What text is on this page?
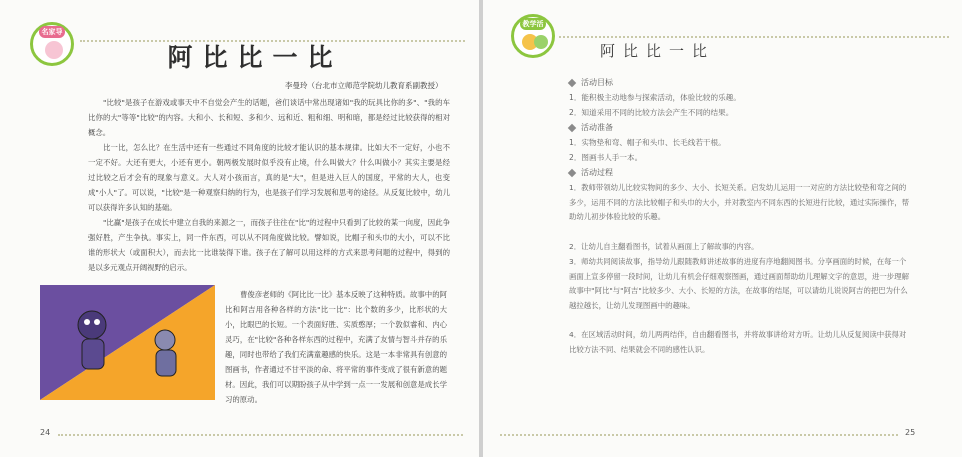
名家导
阿比比一比
李曼玲（台北市立师范学院幼儿教育系副教授）
"比较"是孩子在游戏或事天中不自觉会产生的话题，爸们谈话中常出现诸如"我的玩具比你的多"、"我的车比你的大"等等"比较"的内容。大和小、长和短、多和少、远和近、粗和细、明和暗，都是经过比较获得的相对概念。
比一比，怎么比？在生活中还有一些通过不同角度的比较才能认识的基本规律。比如大不一定好，小也不一定不好。大还有更大，小还有更小。朝两极发展时似乎没有止境，什么叫做大？什么叫做小？其实主要是经过比较之后才会有的现象与意义。大人对小孩而言，真的是"大"，但是进入巨人的国度，平常的大人，也变成"小人"了。可以说，"比较"是一种观察归纳的行为，也是孩子们学习发展和思考的途径。从反复比较中，幼儿可以获得许多认知的基础。
"比赢"是孩子在成长中建立自我的来源之一，而孩子往往在"比"的过程中只看到了比较的某一向度，因此争强好胜，产生争执。事实上，同一件东西，可以从不同角度做比较。譬如说，比帽子和头巾的大小，可以不比谁的形状大（或面积大），而去比一比谁装得下谁。孩子在了解可以用这样的方式来思考问题的过程中，得到的是以多元观点开阔视野的启示。
曹俊彦老师的《阿比比一比》基本反映了这种特质。故事中的阿比和阿吉用各种各样的方法"比一比"：比个数的多少，比形状的大小，比眼巴的长短。一个表面好胜、实质憨厚；一个敦似睿和、内心灵巧，在"比较"各种各样东西的过程中，充满了友情与智斗并存的乐趣，同时也带给了我们充满童趣感的快乐。这是一本非常具有创意的图画书，作者通过不甘平淡的命、将平常的事件变成了很有新意的题材。因此，我们可以期盼孩子从中学到一点一一发展和创意是成长学习的原动。
24
教学活
阿比比一比
活动目标
1．能积极主动地参与探索活动，体验比较的乐趣。
2．知道采用不同的比较方法会产生不同的结果。
活动准备
1．实物垫和弯、帽子和头巾、长毛线若干根。
2．图画书人手一本。
活动过程
1．教师带领幼儿比较实物间的多少、大小、长短关系。启发幼儿运用一一对应的方法比较垫和弯之间的多少，运用不同的方法比较帽子和头巾的大小，并对教室内不同东西的长短进行比较，通过实际操作，帮助幼儿初步体验比较的乐趣。
2．让幼儿自主翻看图书，试着从画面上了解故事的内容。
3．师幼共同阅读故事，指导幼儿跟随教师讲述故事的进度有序地翻阅图书。分享画面的时候，在每一个画面上宣多停留一段时间，让幼儿有机会仔细观察图画，通过画面帮助幼儿理解文字的意思，进一步理解故事中"阿比"与"阿吉"比较多少、大小、长短的方法，在故事的结尾，可以请幼儿说说阿吉的把巴为什么越拉越长，让幼儿发现图画中的趣味。
4．在区域活动时间，幼儿两两结伴，自由翻看图书，并将故事讲给对方听。让幼儿从反复阅读中获得对比较方法不同、结果就会不同的感性认识。
25
